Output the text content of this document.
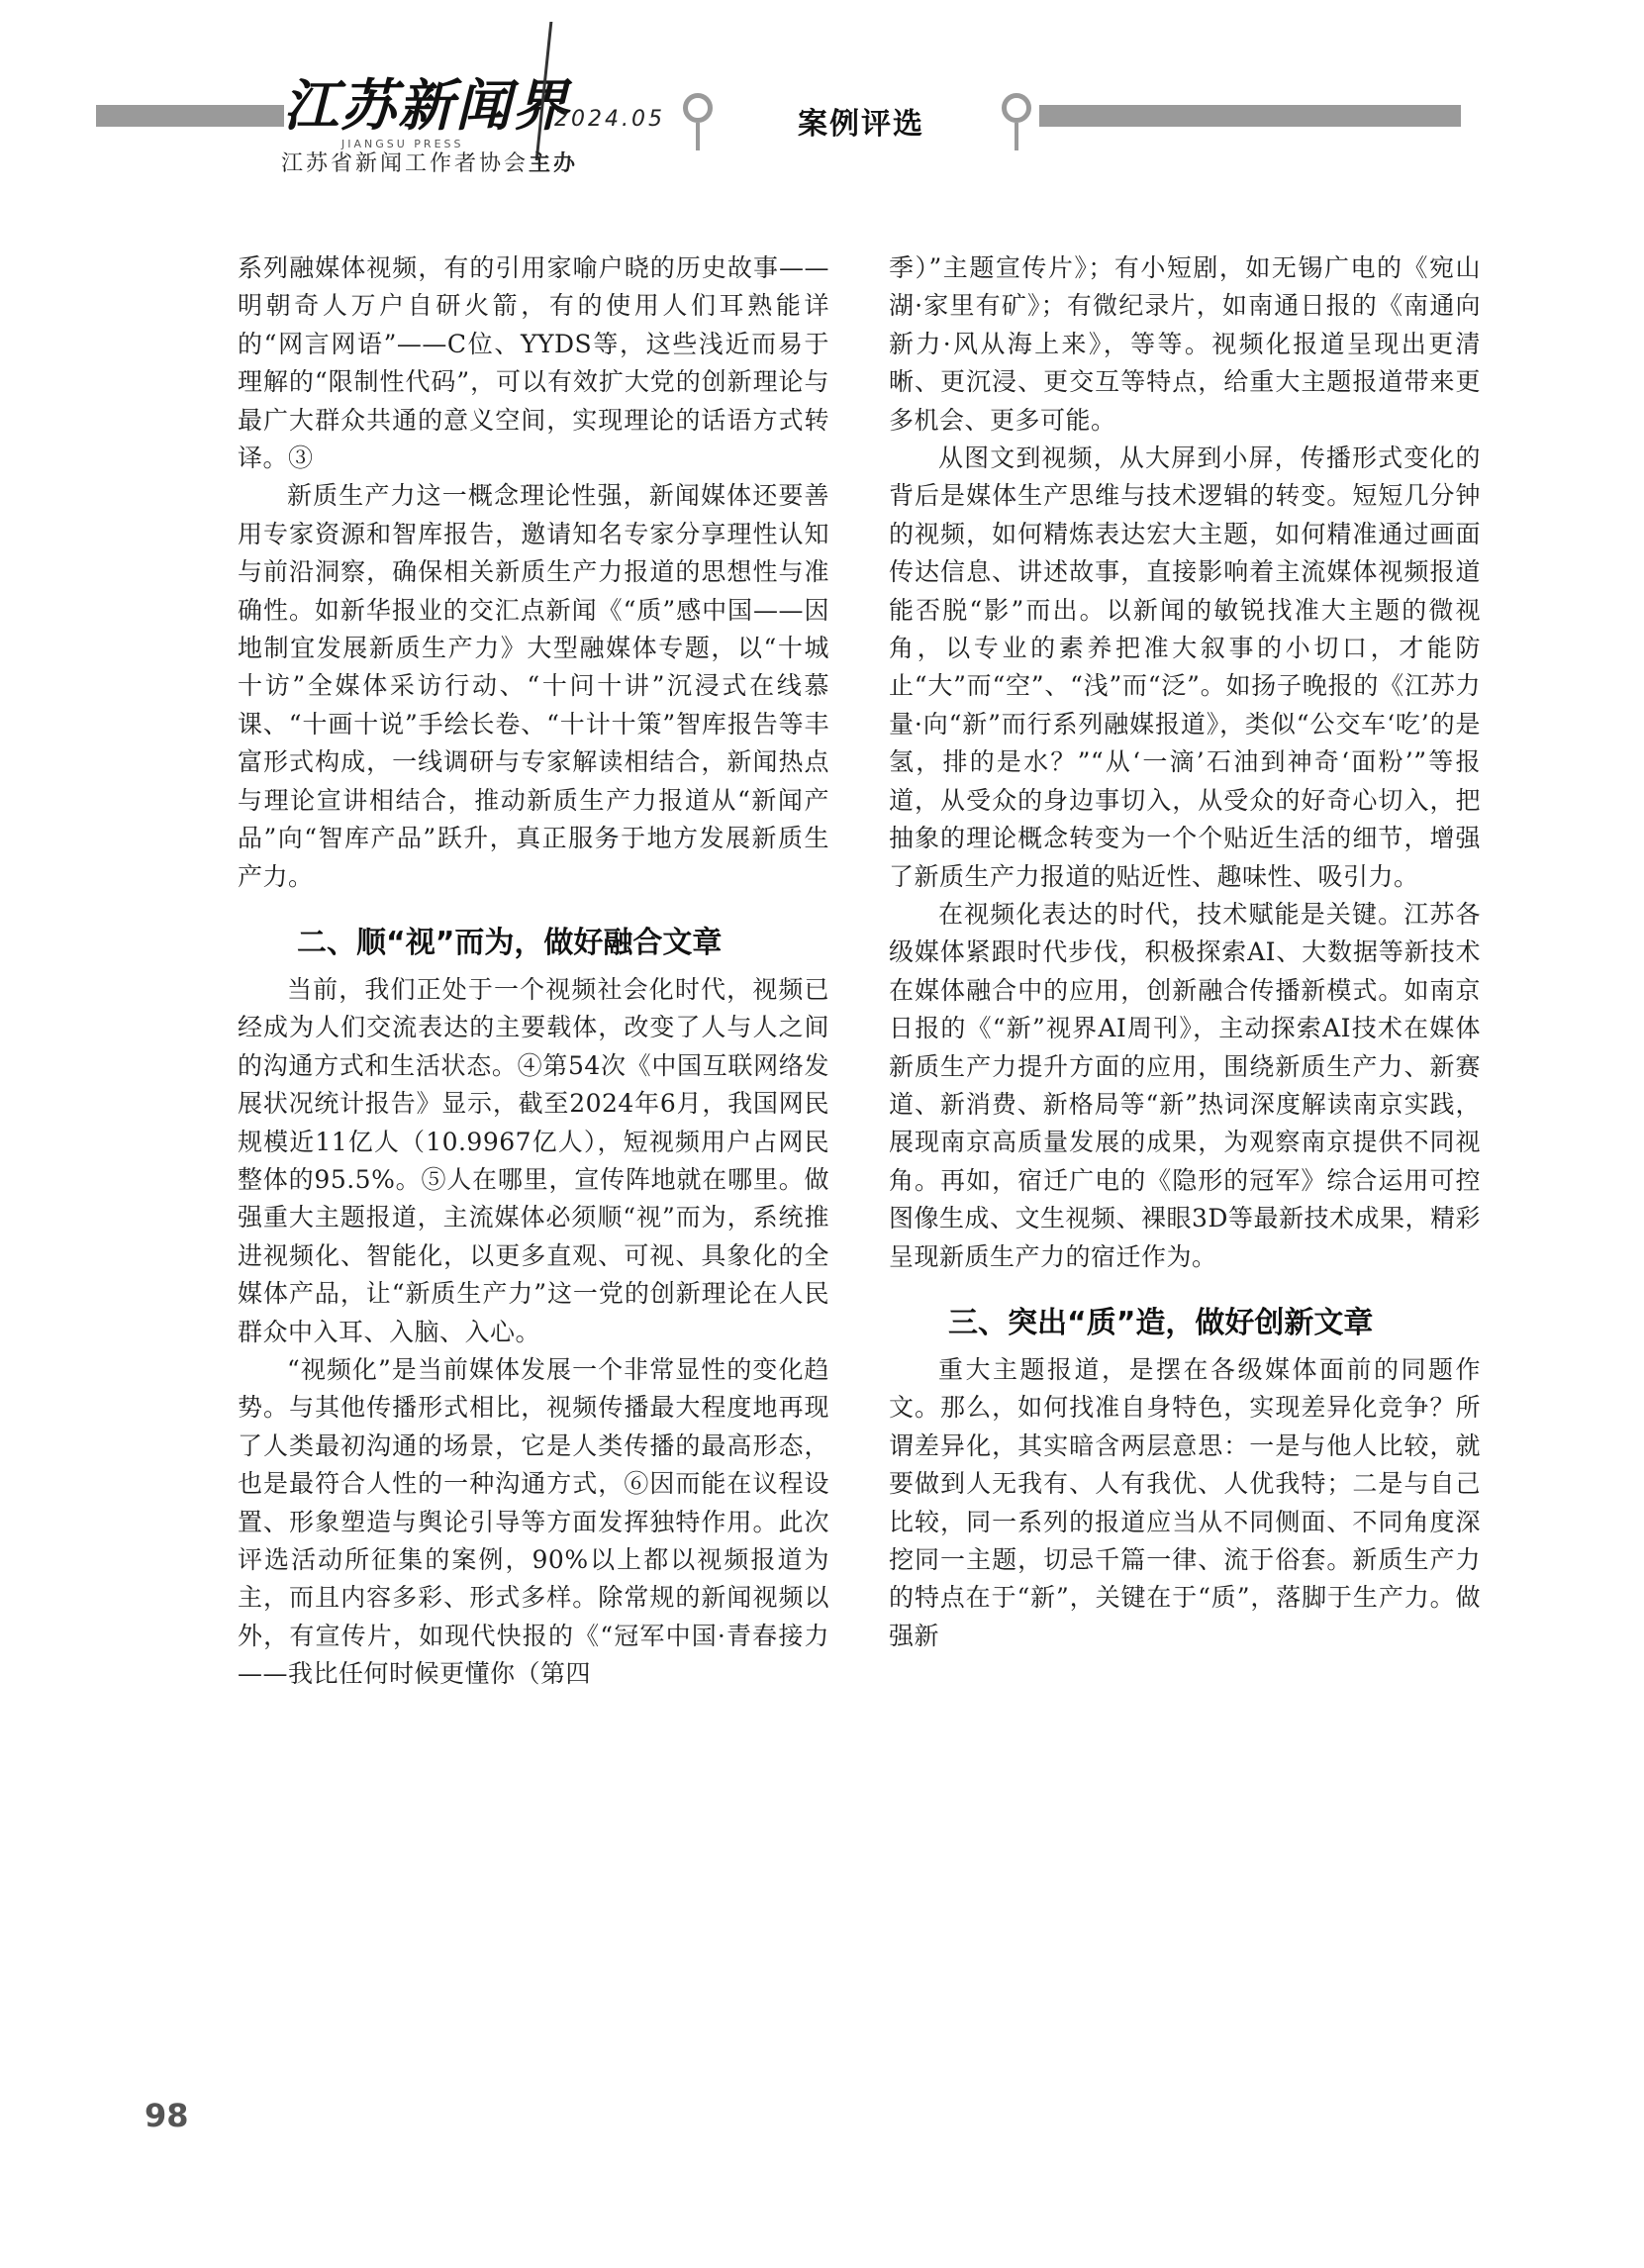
江苏新闻界
JIANGSU PRESS
2024.05	案例评选
江苏省新闻工作者协会主办

系列融媒体视频，有的引用家喻户晓的历史故事——明朝奇人万户自研火箭，有的使用人们耳熟能详的“网言网语”——C位、YYDS等，这些浅近而易于理解的“限制性代码”，可以有效扩大党的创新理论与最广大群众共通的意义空间，实现理论的话语方式转译。③

新质生产力这一概念理论性强，新闻媒体还要善用专家资源和智库报告，邀请知名专家分享理性认知与前沿洞察，确保相关新质生产力报道的思想性与准确性。如新华报业的交汇点新闻《“质”感中国——因地制宜发展新质生产力》大型融媒体专题，以“十城十访”全媒体采访行动、“十问十讲”沉浸式在线慕课、“十画十说”手绘长卷、“十计十策”智库报告等丰富形式构成，一线调研与专家解读相结合，新闻热点与理论宣讲相结合，推动新质生产力报道从“新闻产品”向“智库产品”跃升，真正服务于地方发展新质生产力。

二、顺“视”而为，做好融合文章

当前，我们正处于一个视频社会化时代，视频已经成为人们交流表达的主要载体，改变了人与人之间的沟通方式和生活状态。④第54次《中国互联网络发展状况统计报告》显示，截至2024年6月，我国网民规模近11亿人（10.9967亿人），短视频用户占网民整体的95.5%。⑤人在哪里，宣传阵地就在哪里。做强重大主题报道，主流媒体必须顺“视”而为，系统推进视频化、智能化，以更多直观、可视、具象化的全媒体产品，让“新质生产力”这一党的创新理论在人民群众中入耳、入脑、入心。

“视频化”是当前媒体发展一个非常显性的变化趋势。与其他传播形式相比，视频传播最大程度地再现了人类最初沟通的场景，它是人类传播的最高形态，也是最符合人性的一种沟通方式，⑥因而能在议程设置、形象塑造与舆论引导等方面发挥独特作用。此次评选活动所征集的案例，90%以上都以视频报道为主，而且内容多彩、形式多样。除常规的新闻视频以外，有宣传片，如现代快报的《“冠军中国·青春接力——我比任何时候更懂你（第四

季）”主题宣传片》；有小短剧，如无锡广电的《宛山湖·家里有矿》；有微纪录片，如南通日报的《南通向新力·风从海上来》，等等。视频化报道呈现出更清晰、更沉浸、更交互等特点，给重大主题报道带来更多机会、更多可能。

从图文到视频，从大屏到小屏，传播形式变化的背后是媒体生产思维与技术逻辑的转变。短短几分钟的视频，如何精炼表达宏大主题，如何精准通过画面传达信息、讲述故事，直接影响着主流媒体视频报道能否脱“影”而出。以新闻的敏锐找准大主题的微视角，以专业的素养把准大叙事的小切口，才能防止“大”而“空”、“浅”而“泛”。如扬子晚报的《江苏力量·向“新”而行系列融媒报道》，类似“公交车‘吃’的是氢，排的是水？”“从‘一滴’石油到神奇‘面粉’”等报道，从受众的身边事切入，从受众的好奇心切入，把抽象的理论概念转变为一个个贴近生活的细节，增强了新质生产力报道的贴近性、趣味性、吸引力。

在视频化表达的时代，技术赋能是关键。江苏各级媒体紧跟时代步伐，积极探索AI、大数据等新技术在媒体融合中的应用，创新融合传播新模式。如南京日报的《“新”视界AI周刊》，主动探索AI技术在媒体新质生产力提升方面的应用，围绕新质生产力、新赛道、新消费、新格局等“新”热词深度解读南京实践，展现南京高质量发展的成果，为观察南京提供不同视角。再如，宿迁广电的《隐形的冠军》综合运用可控图像生成、文生视频、裸眼3D等最新技术成果，精彩呈现新质生产力的宿迁作为。

三、突出“质”造，做好创新文章

重大主题报道，是摆在各级媒体面前的同题作文。那么，如何找准自身特色，实现差异化竞争？所谓差异化，其实暗含两层意思：一是与他人比较，就要做到人无我有、人有我优、人优我特；二是与自己比较，同一系列的报道应当从不同侧面、不同角度深挖同一主题，切忌千篇一律、流于俗套。新质生产力的特点在于“新”，关键在于“质”，落脚于生产力。做强新

98
